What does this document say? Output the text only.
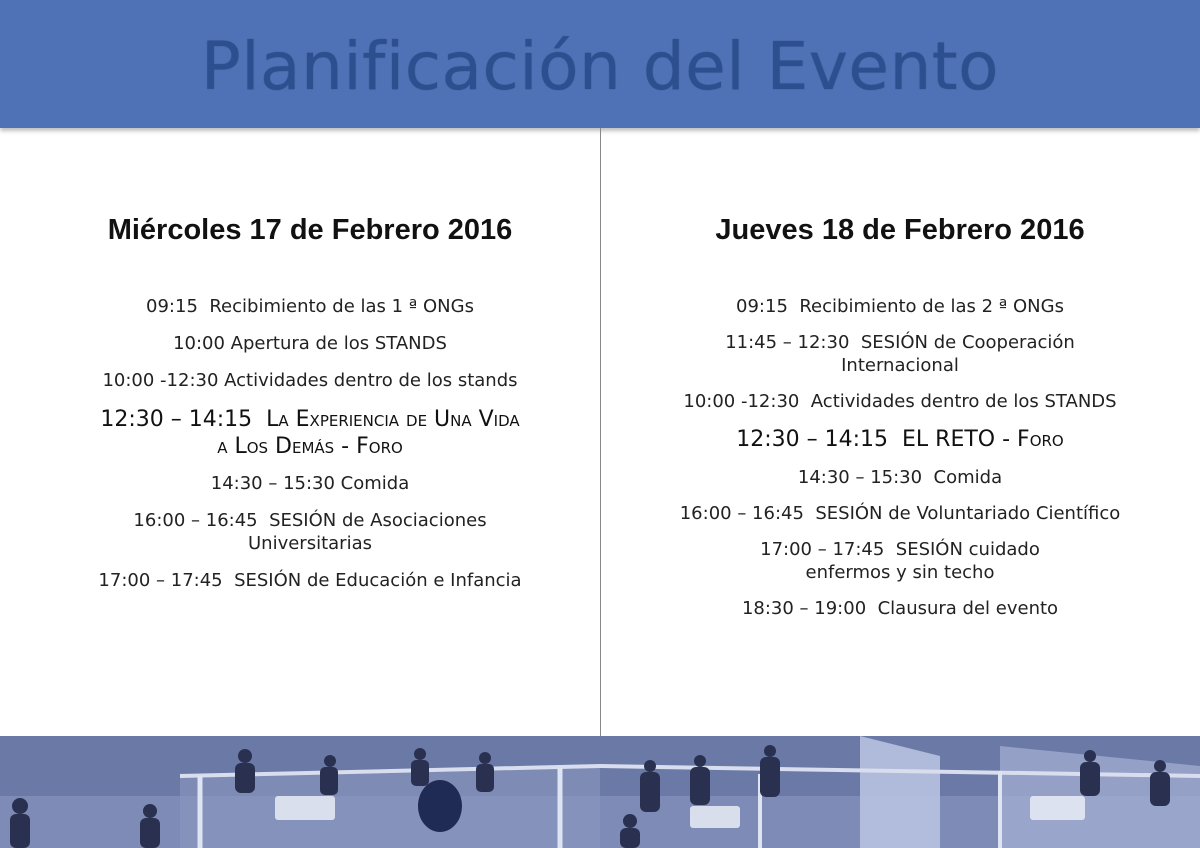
Planificación del Evento
Miércoles 17 de Febrero 2016
09:15  Recibimiento de las 1 ª ONGs
10:00 Apertura de los STANDS
10:00 -12:30 Actividades dentro de los stands
12:30 – 14:15  La Experiencia de Una Vida a Los Demás - Foro
14:30 – 15:30 Comida
16:00 – 16:45  SESIÓN de Asociaciones Universitarias
17:00 – 17:45  SESIÓN de Educación e Infancia
Jueves 18 de Febrero 2016
09:15  Recibimiento de las 2 ª ONGs
11:45 – 12:30  SESIÓN de Cooperación Internacional
10:00 -12:30  Actividades dentro de los STANDS
12:30 – 14:15  EL RETO - Foro
14:30 – 15:30  Comida
16:00 – 16:45  SESIÓN de Voluntariado Científico
17:00 – 17:45  SESIÓN cuidado enfermos y sin techo
18:30 – 19:00  Clausura del evento
